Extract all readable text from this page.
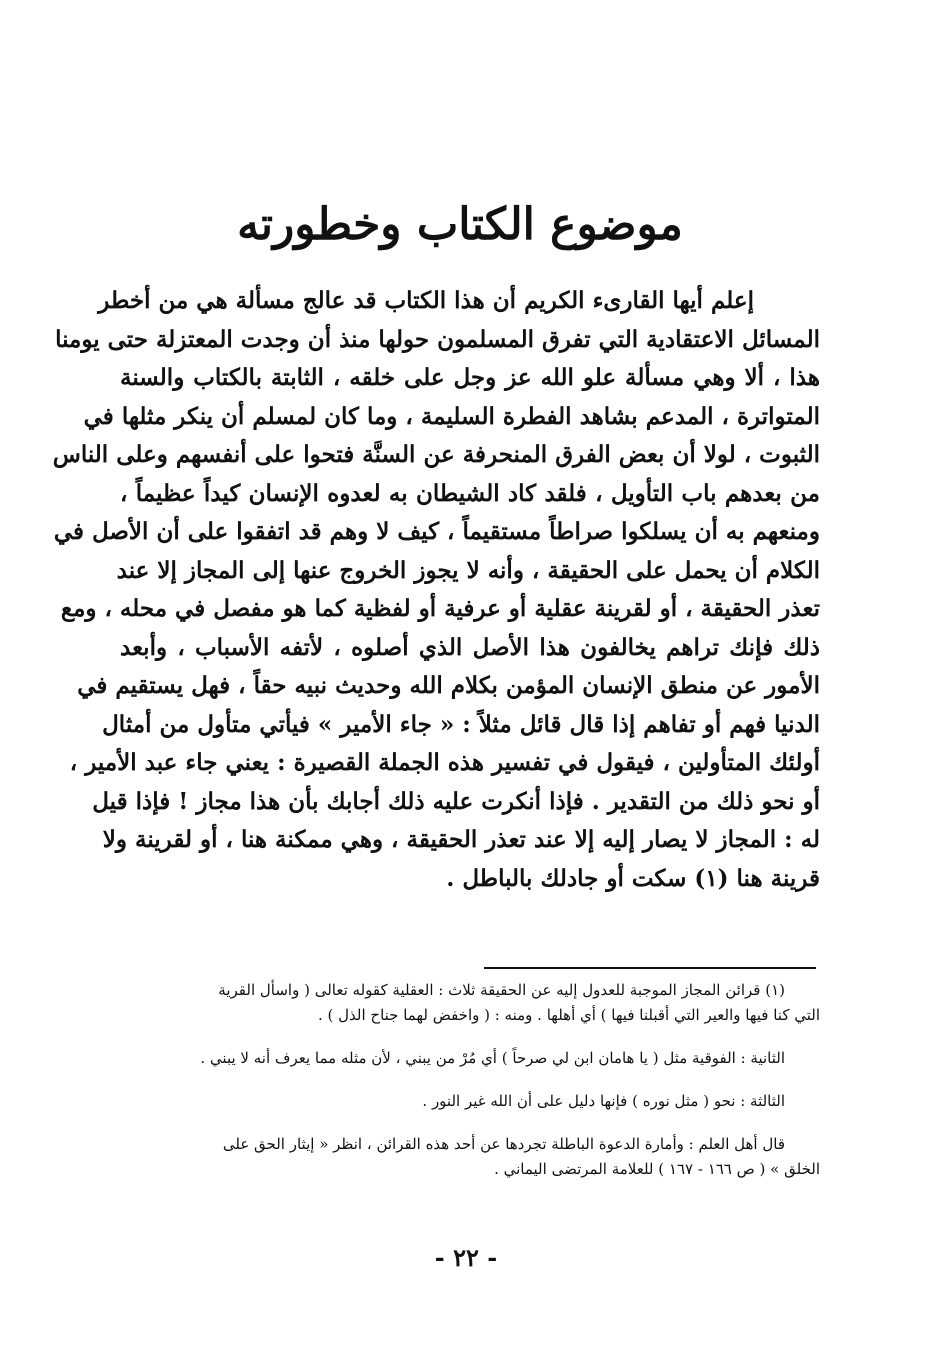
موضوع الكتاب وخطورته
إعلم أيها القارىء الكريم أن هذا الكتاب قد عالج مسألة هي من أخطر
المسائل الاعتقادية التي تفرق المسلمون حولها منذ أن وجدت المعتزلة حتى يومنا
هذا ، ألا وهي مسألة علو الله عز وجل على خلقه ، الثابتة بالكتاب والسنة
المتواترة ، المدعم بشاهد الفطرة السليمة ، وما كان لمسلم أن ينكر مثلها في
الثبوت ، لولا أن بعض الفرق المنحرفة عن السنَّة فتحوا على أنفسهم وعلى الناس
من بعدهم باب التأويل ، فلقد كاد الشيطان به لعدوه الإنسان كيداً عظيماً ،
ومنعهم به أن يسلكوا صراطاً مستقيماً ، كيف لا وهم قد اتفقوا على أن الأصل في
الكلام أن يحمل على الحقيقة ، وأنه لا يجوز الخروج عنها إلى المجاز إلا عند
تعذر الحقيقة ، أو لقرينة عقلية أو عرفية أو لفظية كما هو مفصل في محله ، ومع
ذلك فإنك تراهم يخالفون هذا الأصل الذي أصلوه ، لأتفه الأسباب ، وأبعد
الأمور عن منطق الإنسان المؤمن بكلام الله وحديث نبيه حقاً ، فهل يستقيم في
الدنيا فهم أو تفاهم إذا قال قائل مثلاً : « جاء الأمير » فيأتي متأول من أمثال
أولئك المتأولين ، فيقول في تفسير هذه الجملة القصيرة : يعني جاء عبد الأمير ،
أو نحو ذلك من التقدير . فإذا أنكرت عليه ذلك أجابك بأن هذا مجاز ! فإذا قيل
له : المجاز لا يصار إليه إلا عند تعذر الحقيقة ، وهي ممكنة هنا ، أو لقرينة ولا
قرينة هنا (١) سكت أو جادلك بالباطل .
(١) قرائن المجاز الموجبة للعدول إليه عن الحقيقة ثلاث : العقلية كقوله تعالى ( واسأل القرية
التي كنا فيها والعير التي أقبلنا فيها ) أي أهلها . ومنه : ( واخفض لهما جناح الذل ) .
الثانية : الفوقية مثل ( يا هامان ابن لي صرحاً ) أي مُرْ من يبني ، لأن مثله مما يعرف أنه لا يبني .
الثالثة : نحو ( مثل نوره ) فإنها دليل على أن الله غير النور .
قال أهل العلم : وأمارة الدعوة الباطلة تجردها عن أحد هذه القرائن ، انظر « إيثار الحق على
الخلق » ( ص ١٦٦ - ١٦٧ ) للعلامة المرتضى اليماني .
- ٢٢ -
